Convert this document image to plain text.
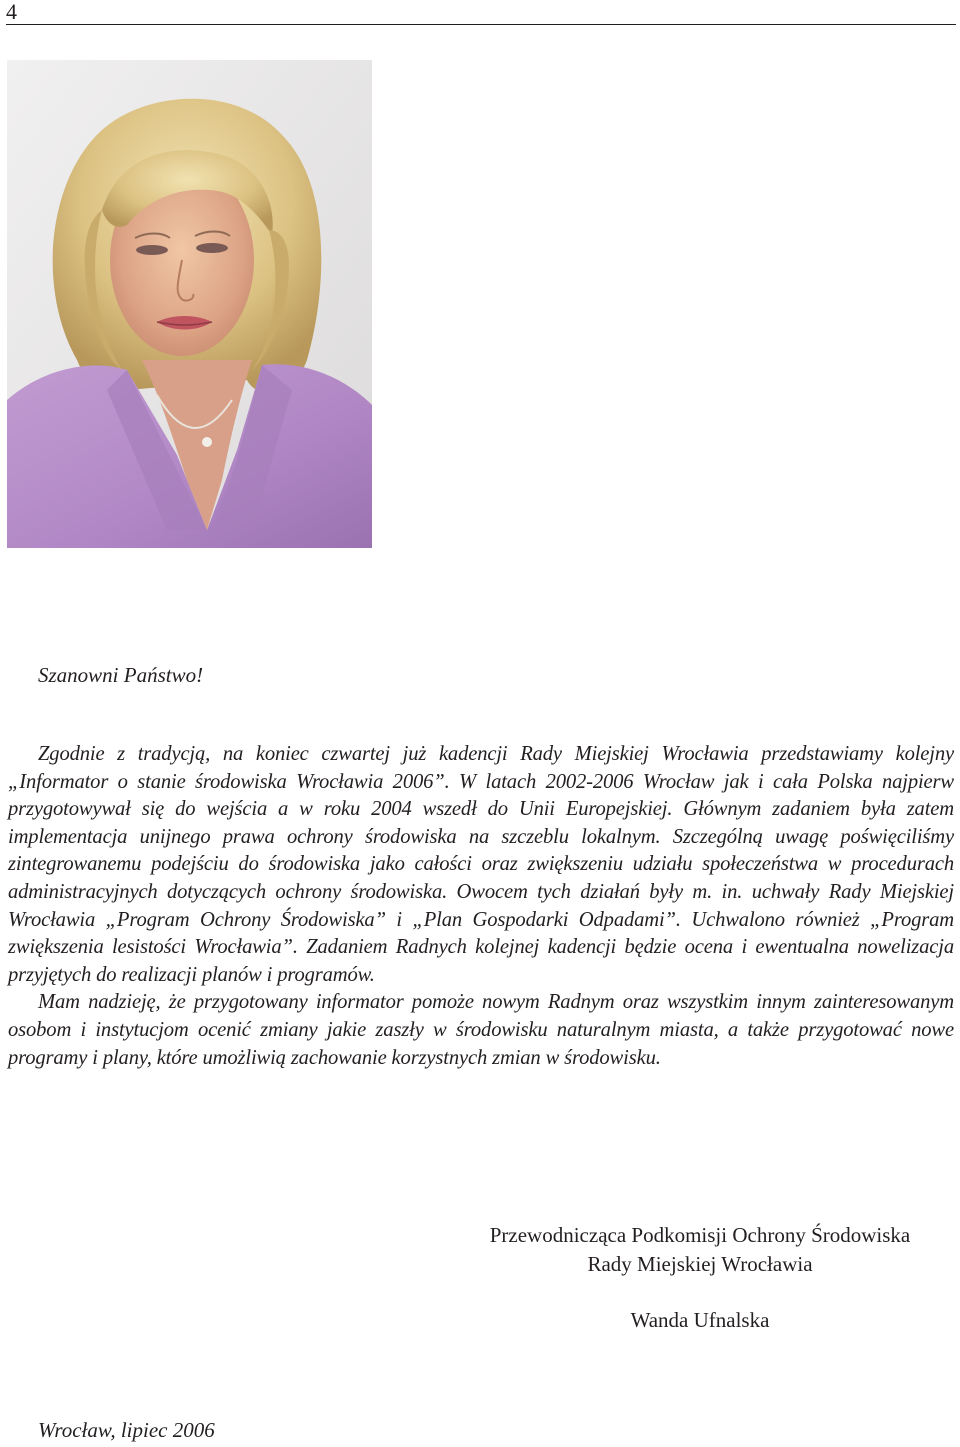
4
Szanowni Państwo!

Zgodnie z tradycją, na koniec czwartej już kadencji Rady Miejskiej Wrocławia przedstawiamy kolejny „Informator o stanie środowiska Wrocławia 2006”. W latach 2002-2006 Wrocław jak i cała Polska najpierw przygotowywał się do wejścia a w roku 2004 wszedł do Unii Europejskiej. Głównym zadaniem była zatem implementacja unijnego prawa ochrony środowiska na szczeblu lokalnym. Szczególną uwagę poświęciliśmy zintegrowanemu podejściu do środowiska jako całości oraz zwiększeniu udziału społeczeństwa w procedurach administracyjnych dotyczących ochrony środowiska. Owocem tych działań były m. in. uchwały Rady Miejskiej Wrocławia „Program Ochrony Środowiska” i „Plan Gospodarki Odpadami”. Uchwalono również „Program zwiększenia lesistości Wrocławia”. Zadaniem Radnych kolejnej kadencji będzie ocena i ewentualna nowelizacja przyjętych do realizacji planów i programów.

Mam nadzieję, że przygotowany informator pomoże nowym Radnym oraz wszystkim innym zainteresowanym osobom i instytucjom ocenić zmiany jakie zaszły w środowisku naturalnym miasta, a także przygotować nowe programy i plany, które umożliwią zachowanie korzystnych zmian w środowisku.

Przewodnicząca Podkomisji Ochrony Środowiska
Rady Miejskiej Wrocławia
Wanda Ufnalska
Wrocław, lipiec 2006
